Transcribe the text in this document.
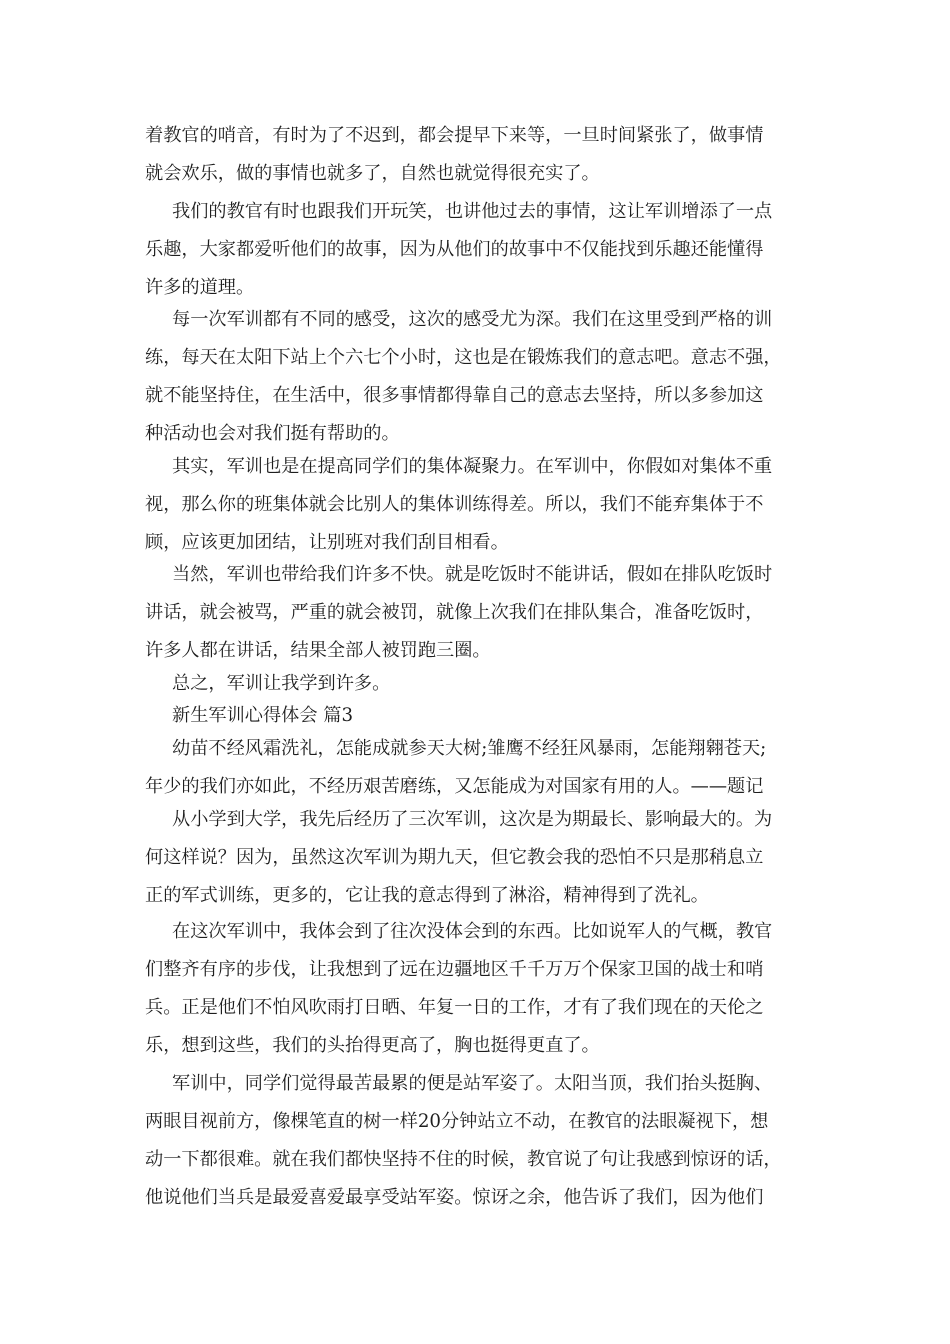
着教官的哨音，有时为了不迟到，都会提早下来等，一旦时间紧张了，做事情
就会欢乐，做的事情也就多了，自然也就觉得很充实了。
我们的教官有时也跟我们开玩笑，也讲他过去的事情，这让军训增添了一点
乐趣，大家都爱听他们的故事，因为从他们的故事中不仅能找到乐趣还能懂得
许多的道理。
每一次军训都有不同的感受，这次的感受尤为深。我们在这里受到严格的训
练，每天在太阳下站上个六七个小时，这也是在锻炼我们的意志吧。意志不强，
就不能坚持住，在生活中，很多事情都得靠自己的意志去坚持，所以多参加这
种活动也会对我们挺有帮助的。
其实，军训也是在提高同学们的集体凝聚力。在军训中，你假如对集体不重
视，那么你的班集体就会比别人的集体训练得差。所以，我们不能弃集体于不
顾，应该更加团结，让别班对我们刮目相看。
当然，军训也带给我们许多不快。就是吃饭时不能讲话，假如在排队吃饭时
讲话，就会被骂，严重的就会被罚，就像上次我们在排队集合，准备吃饭时，
许多人都在讲话，结果全部人被罚跑三圈。
总之，军训让我学到许多。
新生军训心得体会 篇3
幼苗不经风霜洗礼，怎能成就参天大树;雏鹰不经狂风暴雨，怎能翔翱苍天;
年少的我们亦如此，不经历艰苦磨练，又怎能成为对国家有用的人。——题记
从小学到大学，我先后经历了三次军训，这次是为期最长、影响最大的。为
何这样说？因为，虽然这次军训为期九天，但它教会我的恐怕不只是那稍息立
正的军式训练，更多的，它让我的意志得到了淋浴，精神得到了洗礼。
在这次军训中，我体会到了往次没体会到的东西。比如说军人的气概，教官
们整齐有序的步伐，让我想到了远在边疆地区千千万万个保家卫国的战士和哨
兵。正是他们不怕风吹雨打日晒、年复一日的工作，才有了我们现在的天伦之
乐，想到这些，我们的头抬得更高了，胸也挺得更直了。
军训中，同学们觉得最苦最累的便是站军姿了。太阳当顶，我们抬头挺胸、
两眼目视前方，像棵笔直的树一样20分钟站立不动，在教官的法眼凝视下，想
动一下都很难。就在我们都快坚持不住的时候，教官说了句让我感到惊讶的话，
他说他们当兵是最爱喜爱最享受站军姿。惊讶之余，他告诉了我们，因为他们
